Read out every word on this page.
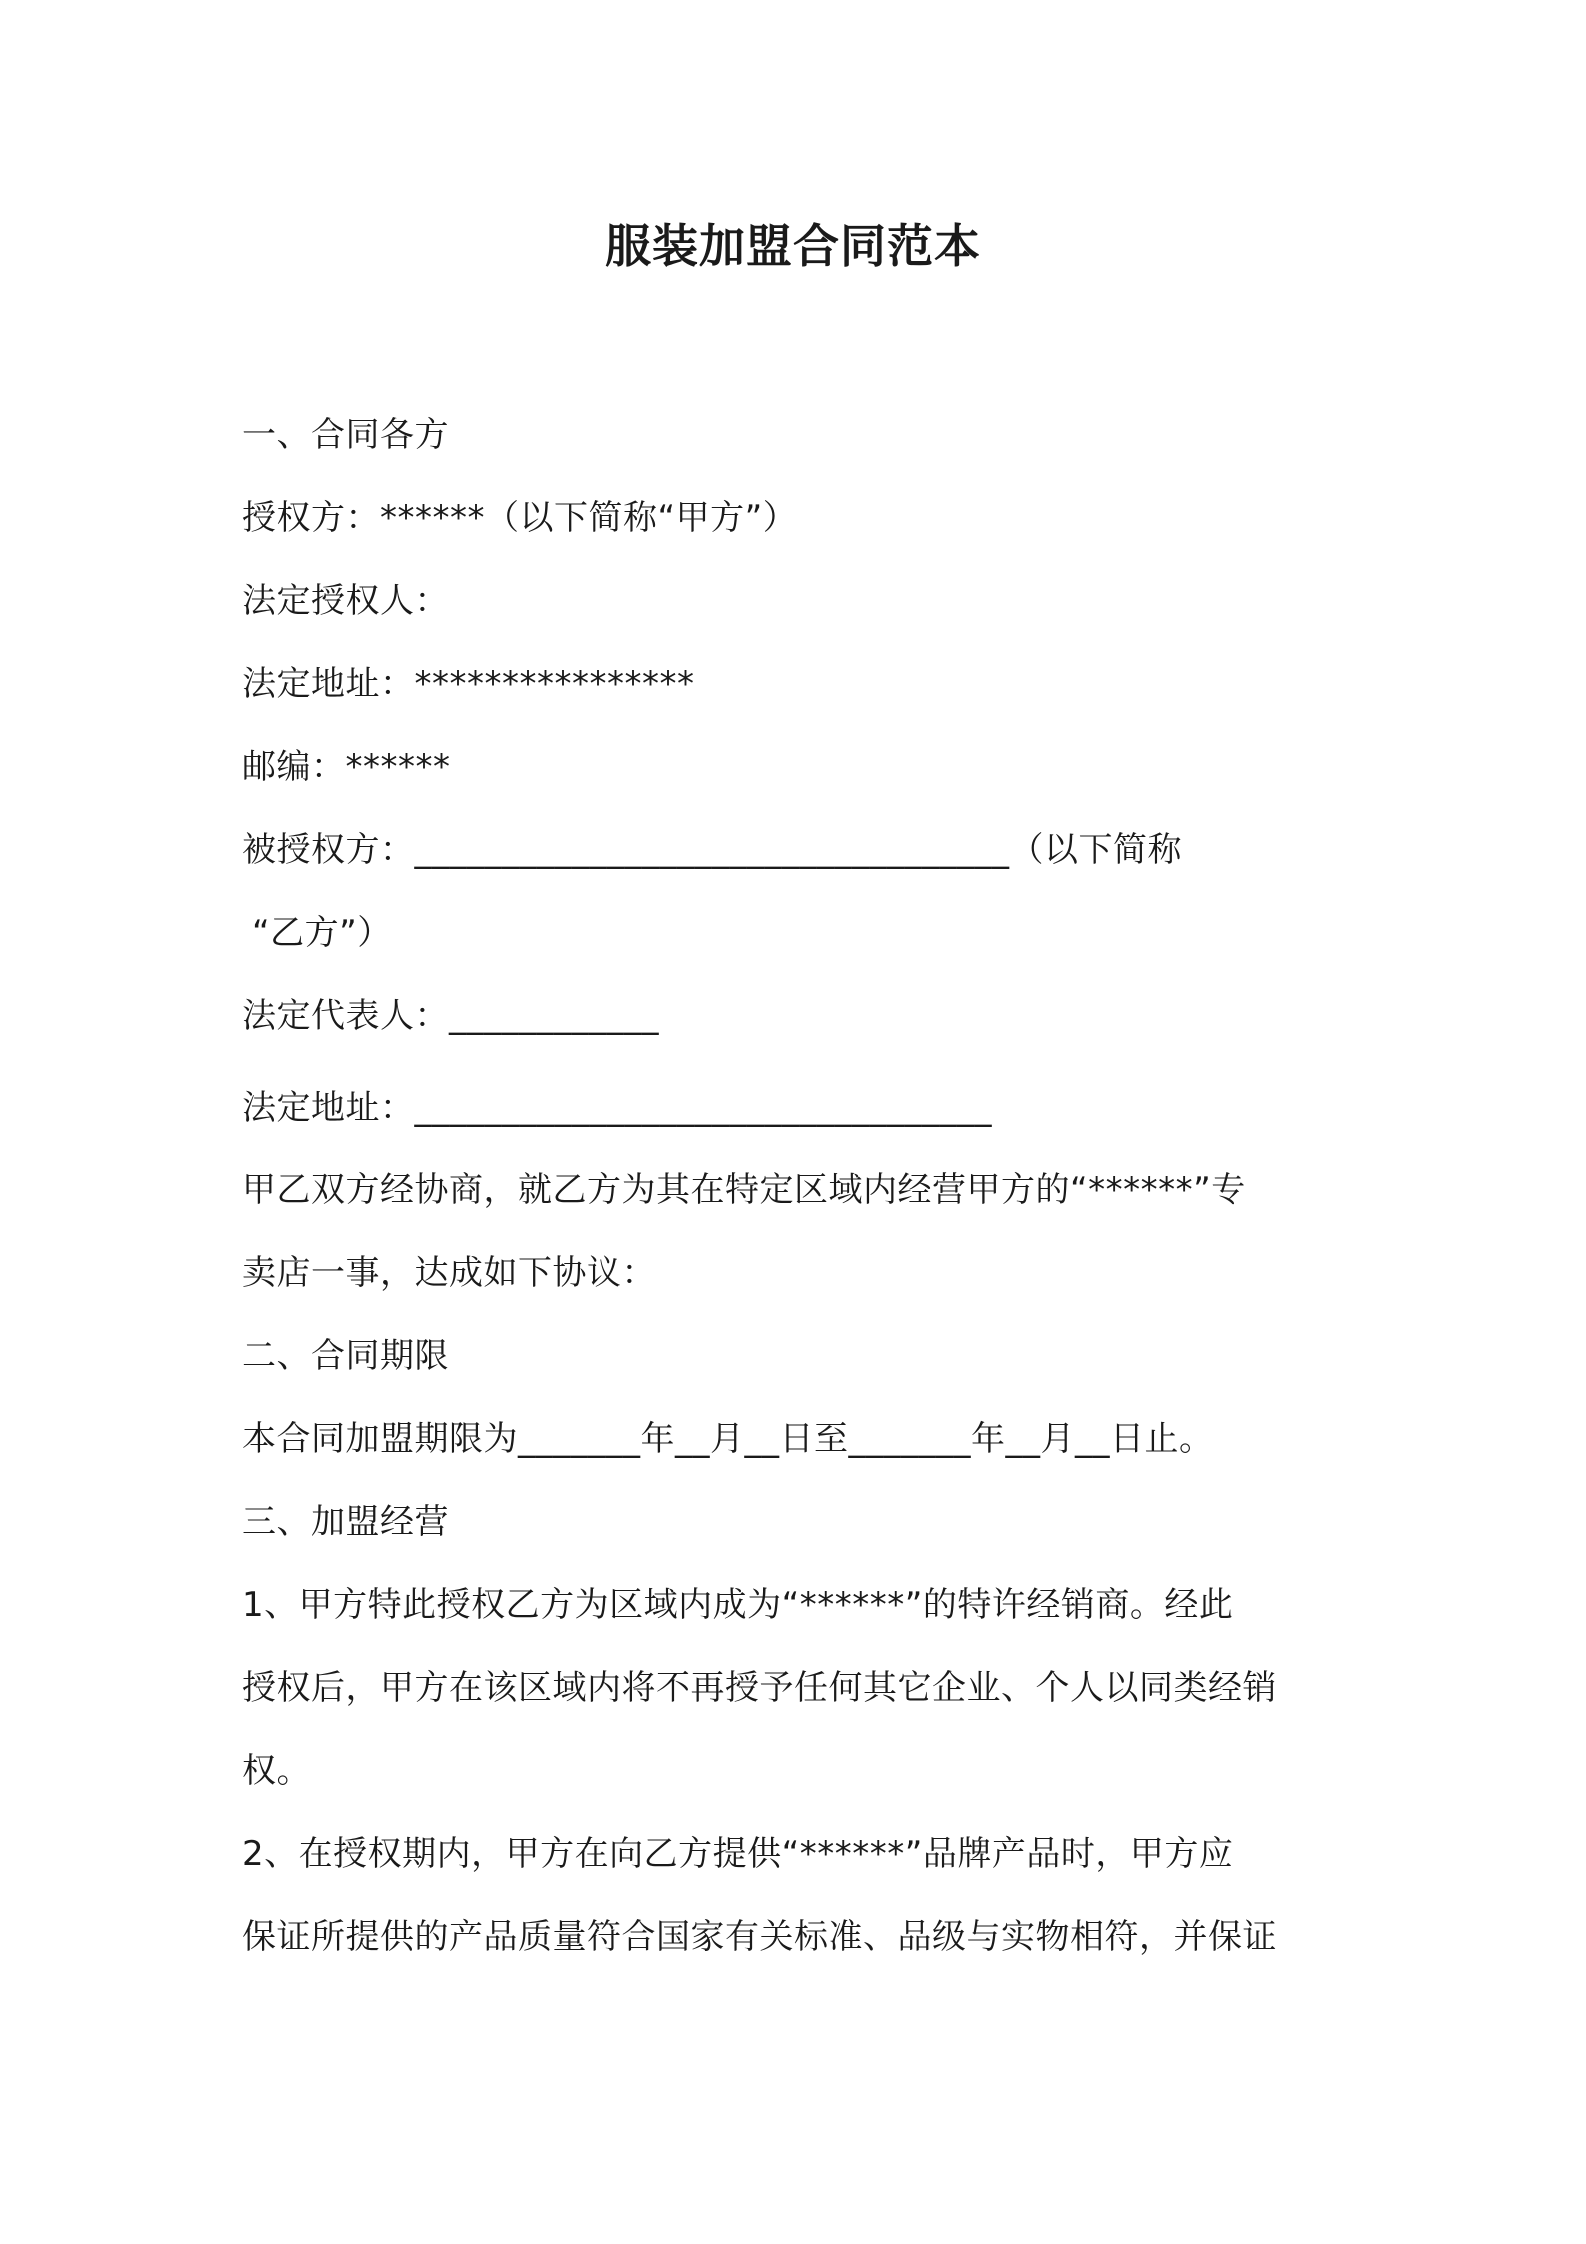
服装加盟合同范本
一、合同各方
授权方：******（以下简称“甲方”）
法定授权人：
法定地址：****************
邮编：******
被授权方：__________________________________（以下简称
“乙方”）
法定代表人：____________
法定地址：_________________________________
甲乙双方经协商，就乙方为其在特定区域内经营甲方的“******”专
卖店一事，达成如下协议：
二、合同期限
本合同加盟期限为_______年__月__日至_______年__月__日止。
三、加盟经营
1、甲方特此授权乙方为区域内成为“******”的特许经销商。经此
授权后，甲方在该区域内将不再授予任何其它企业、个人以同类经销
权。
2、在授权期内，甲方在向乙方提供“******”品牌产品时，甲方应
保证所提供的产品质量符合国家有关标准、品级与实物相符，并保证
